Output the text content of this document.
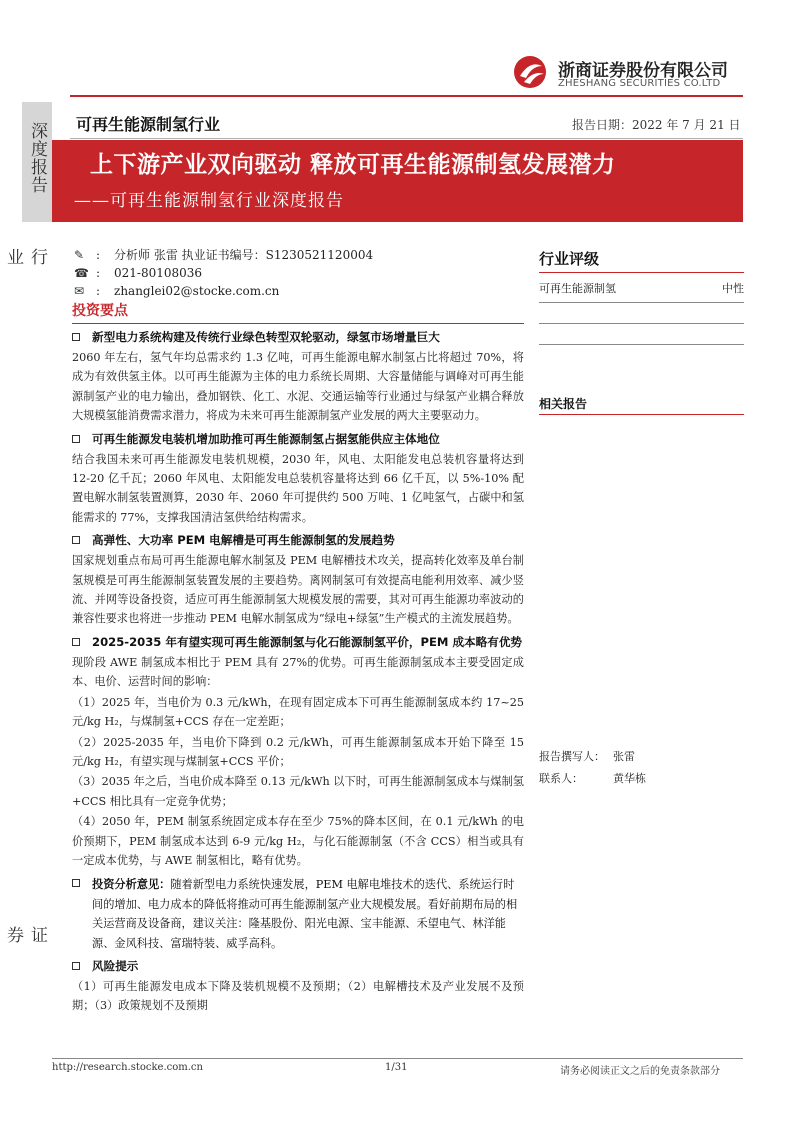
深度报告
行业
证券
浙商证券股份有限公司
ZHESHANG SECURITIES CO.LTD
可再生能源制氢行业	报告日期：2022 年 7 月 21 日
上下游产业双向驱动 释放可再生能源制氢发展潜力
——可再生能源制氢行业深度报告
✎ :	分析师 张雷 执业证书编号：S1230521120004
☎ :	021-80108036
✉ :	zhanglei02@stocke.com.cn
投资要点
新型电力系统构建及传统行业绿色转型双轮驱动，绿氢市场增量巨大
2060 年左右，氢气年均总需求约 1.3 亿吨，可再生能源电解水制氢占比将超过 70%，将成为有效供氢主体。以可再生能源为主体的电力系统长周期、大容量储能与调峰对可再生能源制氢产业的电力输出，叠加钢铁、化工、水泥、交通运输等行业通过与绿氢产业耦合释放大规模氢能消费需求潜力，将成为未来可再生能源制氢产业发展的两大主要驱动力。
可再生能源发电装机增加助推可再生能源制氢占据氢能供应主体地位
结合我国未来可再生能源发电装机规模，2030 年，风电、太阳能发电总装机容量将达到 12-20 亿千瓦；2060 年风电、太阳能发电总装机容量将达到 66 亿千瓦，以 5%-10% 配置电解水制氢装置测算，2030 年、2060 年可提供约 500 万吨、1 亿吨氢气，占碳中和氢能需求的 77%，支撑我国清洁氢供给结构需求。
高弹性、大功率 PEM 电解槽是可再生能源制氢的发展趋势
国家规划重点布局可再生能源电解水制氢及 PEM 电解槽技术攻关，提高转化效率及单台制氢规模是可再生能源制氢装置发展的主要趋势。离网制氢可有效提高电能利用效率、减少竖流、并网等设备投资，适应可再生能源制氢大规模发展的需要，其对可再生能源功率波动的兼容性要求也将进一步推动 PEM 电解水制氢成为“绿电+绿氢”生产模式的主流发展趋势。
2025-2035 年有望实现可再生能源制氢与化石能源制氢平价，PEM 成本略有优势
现阶段 AWE 制氢成本相比于 PEM 具有 27%的优势。可再生能源制氢成本主要受固定成本、电价、运营时间的影响：
（1）2025 年，当电价为 0.3 元/kWh，在现有固定成本下可再生能源制氢成本约 17~25 元/kg H₂，与煤制氢+CCS 存在一定差距；
（2）2025-2035 年，当电价下降到 0.2 元/kWh，可再生能源制氢成本开始下降至 15 元/kg H₂，有望实现与煤制氢+CCS 平价；
（3）2035 年之后，当电价成本降至 0.13 元/kWh 以下时，可再生能源制氢成本与煤制氢+CCS 相比具有一定竞争优势；
（4）2050 年，PEM 制氢系统固定成本存在至少 75%的降本区间，在 0.1 元/kWh 的电价预期下，PEM 制氢成本达到 6-9 元/kg H₂，与化石能源制氢（不含 CCS）相当或具有一定成本优势，与 AWE 制氢相比，略有优势。
投资分析意见：随着新型电力系统快速发展，PEM 电解电堆技术的迭代、系统运行时间的增加、电力成本的降低将推动可再生能源制氢产业大规模发展。看好前期布局的相关运营商及设备商，建议关注：隆基股份、阳光电源、宝丰能源、禾望电气、林洋能源、金风科技、富瑞特装、威孚高科。
风险提示
（1）可再生能源发电成本下降及装机规模不及预期；（2）电解槽技术及产业发展不及预期；（3）政策规划不及预期
行业评级
可再生能源制氢	中性
相关报告
报告撰写人： 张雷
联系人：	黄华栋
http://research.stocke.com.cn	1/31	请务必阅读正文之后的免责条款部分
